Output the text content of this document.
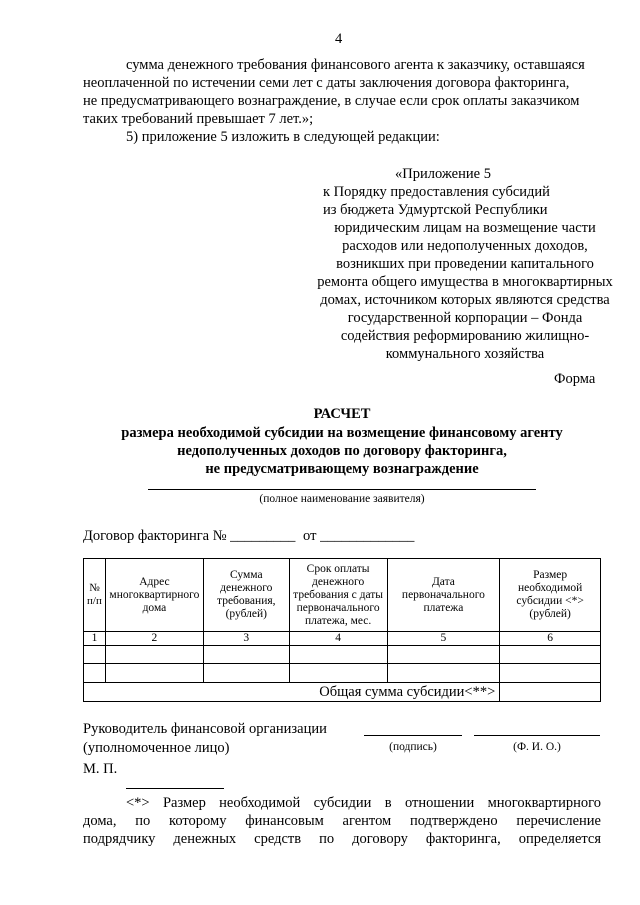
4
сумма денежного требования финансового агента к заказчику, оставшаяся
неоплаченной по истечении семи лет с даты заключения договора факторинга,
не предусматривающего вознаграждение, в случае если срок оплаты заказчиком
таких требований превышает 7 лет.»;
5) приложение 5 изложить в следующей редакции:
«Приложение 5
к Порядку предоставления субсидий
из бюджета Удмуртской Республики
юридическим лицам на возмещение части
расходов или недополученных доходов,
возникших при проведении капитального
ремонта общего имущества в многоквартирных
домах, источником которых являются средства
государственной корпорации – Фонда
содействия реформированию жилищно-
коммунального хозяйства
Форма
РАСЧЕТ
размера необходимой субсидии на возмещение финансовому агенту
недополученных доходов по договору факторинга,
не предусматривающему вознаграждение
(полное наименование заявителя)
Договор факторинга № _________ от _____________
№ п/п	Адрес многоквартирного дома	Сумма денежного требования, (рублей)	Срок оплаты денежного требования с даты первоначального платежа, мес.	Дата первоначального платежа	Размер необходимой субсидии <*> (рублей)
1	2	3	4	5	6

Общая сумма субсидии<**>					
Руководитель финансовой организации
(уполномоченное лицо)	(подпись)	(Ф. И. О.)
М. П.
<*> Размер необходимой субсидии в отношении многоквартирного
дома, по которому финансовым агентом подтверждено перечисление
подрядчику денежных средств по договору факторинга, определяется
